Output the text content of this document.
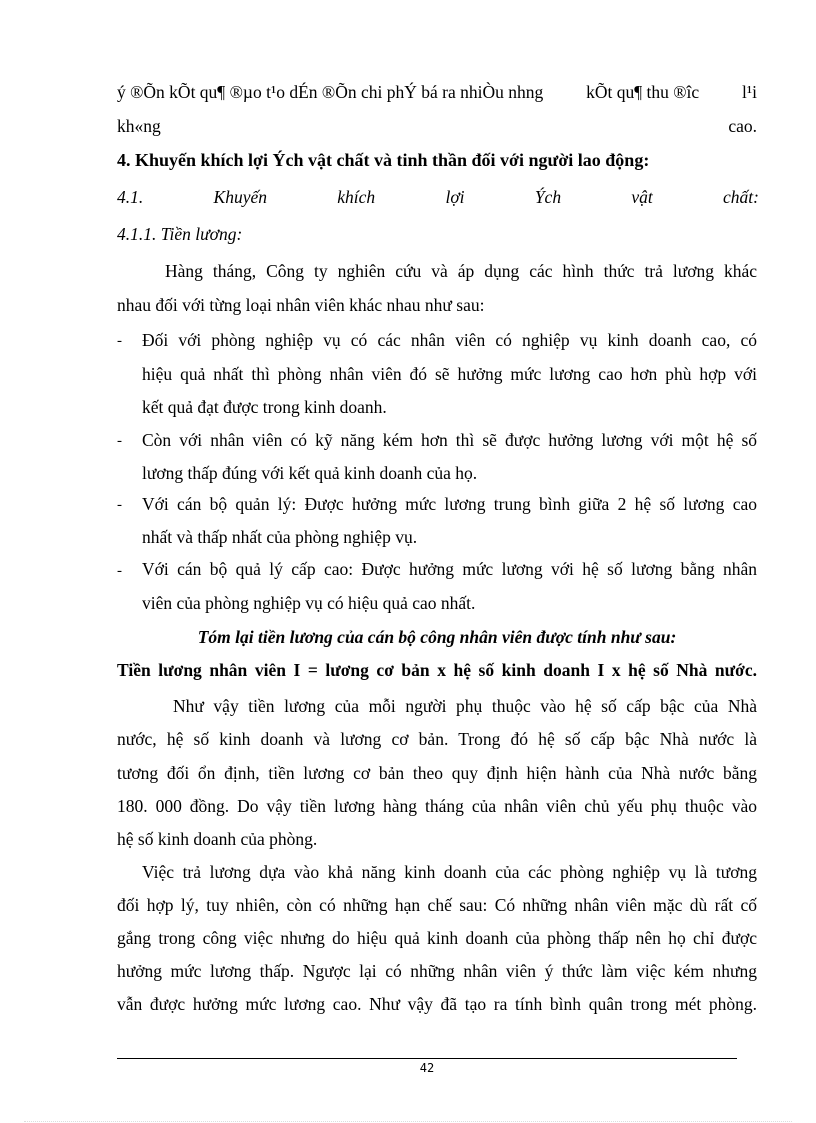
ý ®Õn kÕt qu¶ ®µo t¹o dÉn ®Õn chi phÝ bá ra nhiÒu nhng kÕt qu¶ thu ®îc l¹i
kh«ng	cao.
4. Khuyến khích lợi Ých vật chất và tinh thần đối với người lao động:
4.1.	Khuyến	khích	lợi	Ých	vật	chất:
4.1.1. Tiền lương:
Hàng tháng, Công ty nghiên cứu và áp dụng các hình thức trả lương khác
nhau đối với từng loại nhân viên khác nhau như sau:
- Đối với phòng nghiệp vụ có các nhân viên có nghiệp vụ kinh doanh cao, có
hiệu quả nhất thì phòng nhân viên đó sẽ hưởng mức lương cao hơn phù hợp với
kết quả đạt được trong kinh doanh.
- Còn với nhân viên có kỹ năng kém hơn thì sẽ được hưởng lương với một hệ số
lương thấp đúng với kết quả kinh doanh của họ.
- Với cán bộ quản lý: Được hưởng mức lương trung bình giữa 2 hệ số lương cao
nhất và thấp nhất của phòng nghiệp vụ.
- Với cán bộ quả lý cấp cao: Được hưởng mức lương với hệ số lương bằng nhân
viên của phòng nghiệp vụ có hiệu quả cao nhất.
Tóm lại tiền lương của cán bộ công nhân viên được tính như sau:
Tiền lương nhân viên I = lương cơ bản x hệ số kinh doanh I x hệ số Nhà nước.
Như vậy tiền lương của mỗi người phụ thuộc vào hệ số cấp bậc của Nhà
nước, hệ số kinh doanh và lương cơ bản. Trong đó hệ số cấp bậc Nhà nước là
tương đối ổn định, tiền lương cơ bản theo quy định hiện hành của Nhà nước bằng
180. 000 đồng. Do vậy tiền lương hàng tháng của nhân viên chủ yếu phụ thuộc vào
hệ số kinh doanh của phòng.
Việc trả lương dựa vào khả năng kinh doanh của các phòng nghiệp vụ là tương
đối hợp lý, tuy nhiên, còn có những hạn chế sau: Có những nhân viên mặc dù rất cố
gắng trong công việc nhưng do hiệu quả kinh doanh của phòng thấp nên họ chỉ được
hưởng mức lương thấp. Ngược lại có những nhân viên ý thức làm việc kém nhưng
vẫn được hưởng mức lương cao. Như vậy đã tạo ra tính bình quân trong mét phòng.
42
